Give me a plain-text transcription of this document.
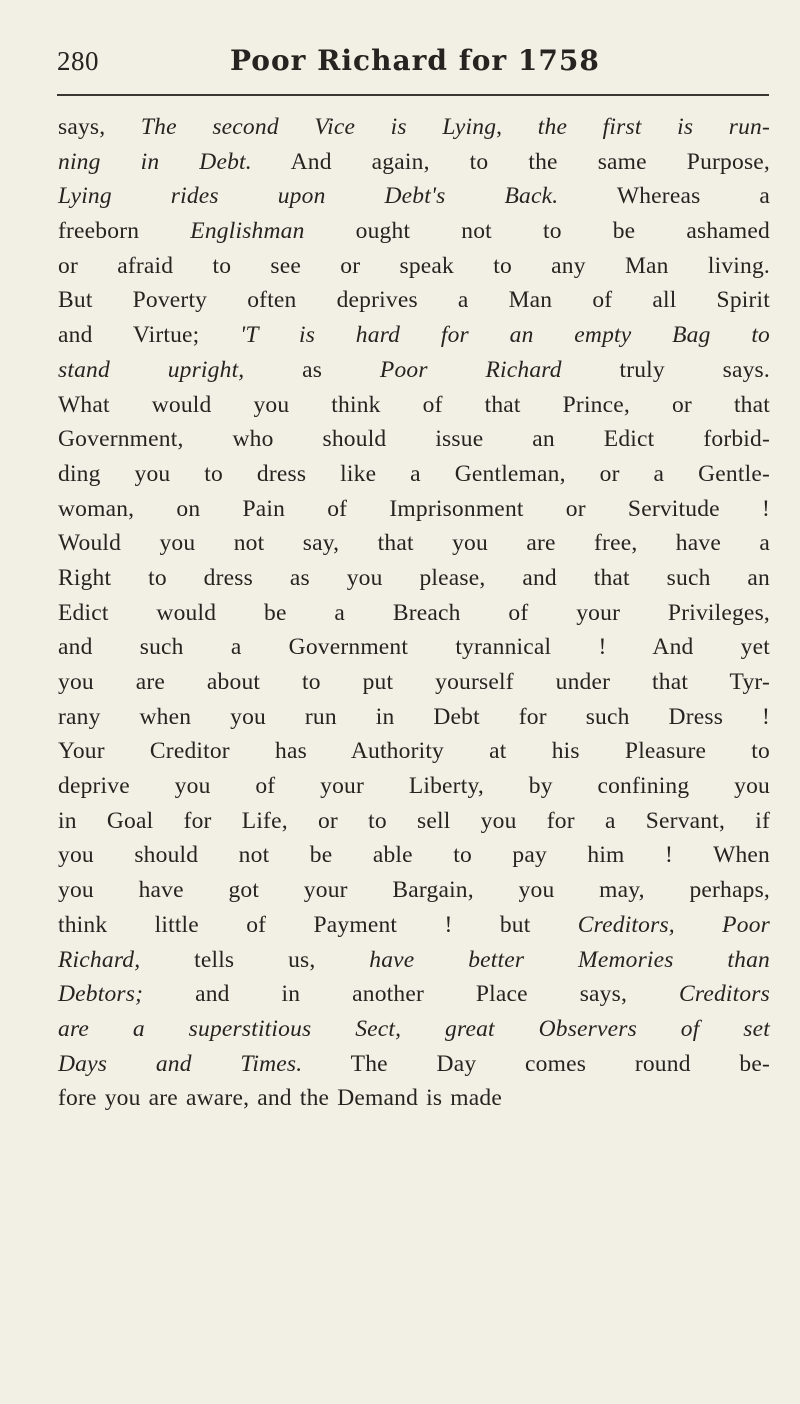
280	Poor Richard for 1758
says, The second Vice is Lying, the first is run-
ning in Debt. And again, to the same Purpose,
Lying rides upon Debt's Back. Whereas a
freeborn Englishman ought not to be ashamed
or afraid to see or speak to any Man living.
But Poverty often deprives a Man of all Spirit
and Virtue; 'T is hard for an empty Bag to
stand upright, as Poor Richard truly says.
What would you think of that Prince, or that
Government, who should issue an Edict forbid-
ding you to dress like a Gentleman, or a Gentle-
woman, on Pain of Imprisonment or Servitude !
Would you not say, that you are free, have a
Right to dress as you please, and that such an
Edict would be a Breach of your Privileges,
and such a Government tyrannical ! And yet
you are about to put yourself under that Tyr-
rany when you run in Debt for such Dress !
Your Creditor has Authority at his Pleasure to
deprive you of your Liberty, by confining you
in Goal for Life, or to sell you for a Servant, if
you should not be able to pay him ! When
you have got your Bargain, you may, perhaps,
think little of Payment ! but Creditors, Poor
Richard, tells us, have better Memories than
Debtors; and in another Place says, Creditors
are a superstitious Sect, great Observers of set
Days and Times. The Day comes round be-
fore you are aware, and the Demand is made
